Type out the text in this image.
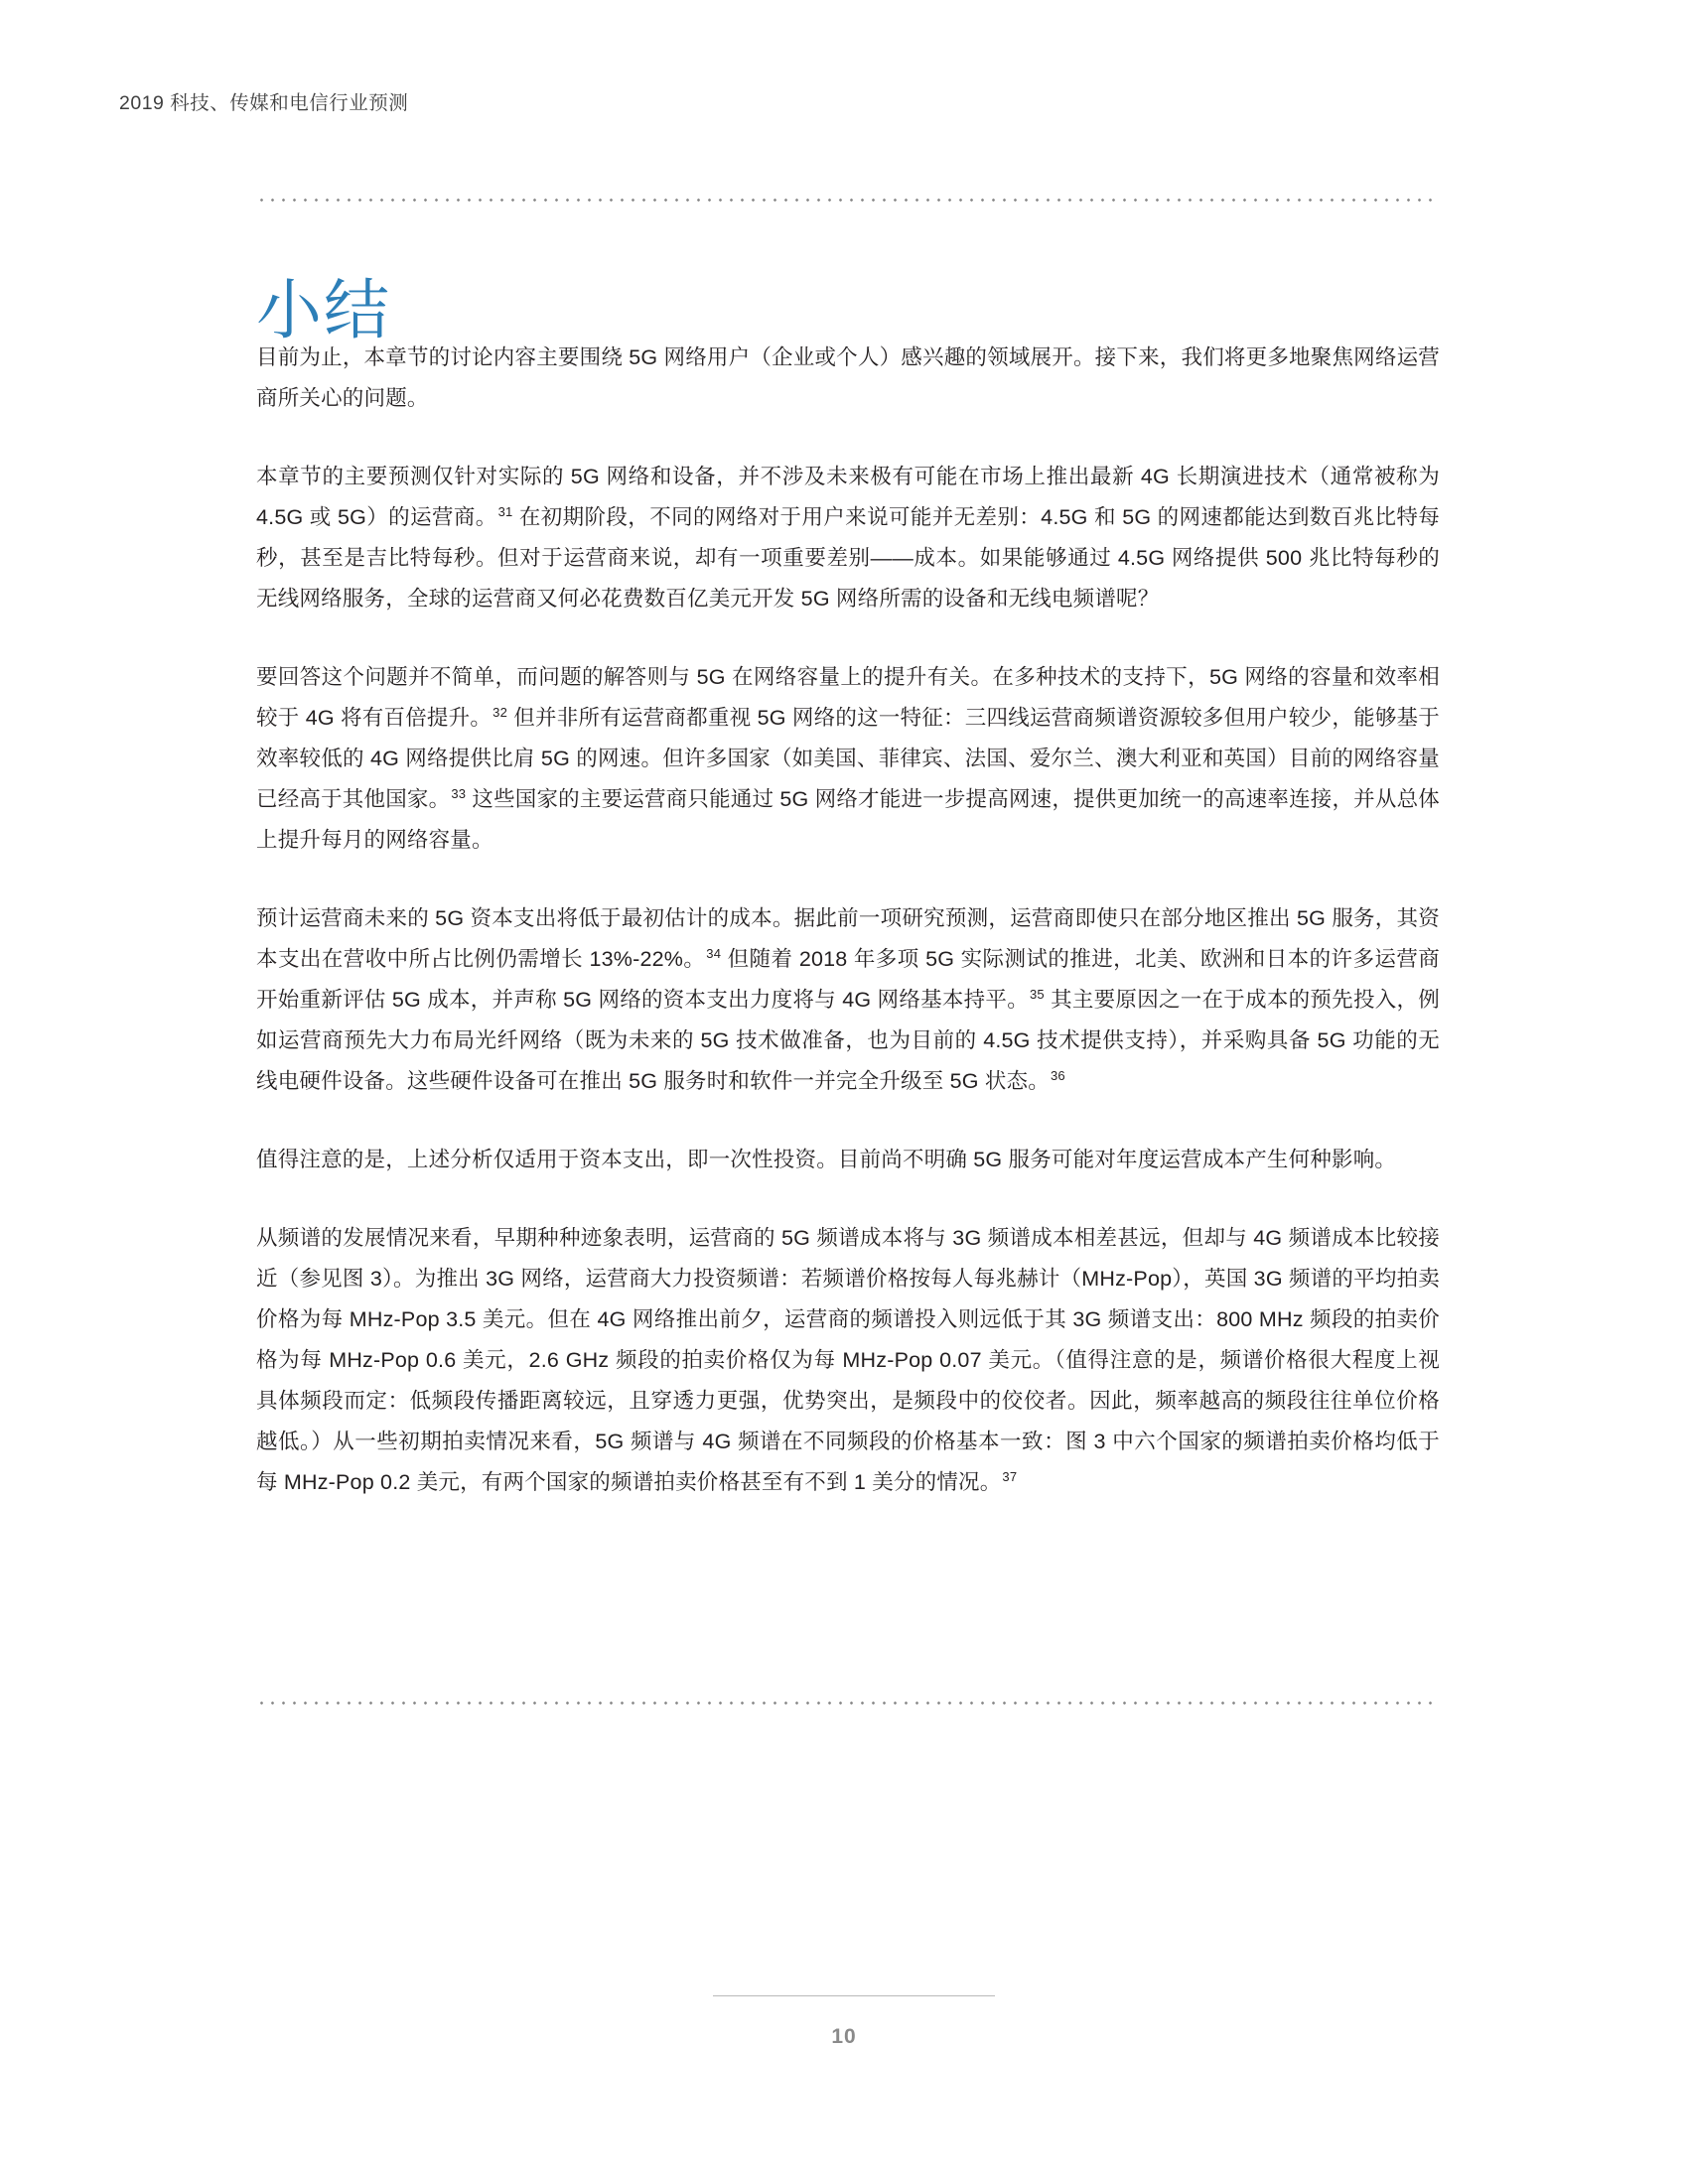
2019 科技、传媒和电信行业预测
小结

目前为止，本章节的讨论内容主要围绕 5G 网络用户（企业或个人）感兴趣的领域展开。接下来，我们将更多地聚焦网络运营商所关心的问题。

本章节的主要预测仅针对实际的 5G 网络和设备，并不涉及未来极有可能在市场上推出最新 4G 长期演进技术（通常被称为 4.5G 或 5G）的运营商。$^{31}$ 在初期阶段，不同的网络对于用户来说可能并无差别：4.5G 和 5G 的网速都能达到数百兆比特每秒，甚至是吉比特每秒。但对于运营商来说，却有一项重要差别——成本。如果能够通过 4.5G 网络提供 500 兆比特每秒的无线网络服务，全球的运营商又何必花费数百亿美元开发 5G 网络所需的设备和无线电频谱呢？

要回答这个问题并不简单，而问题的解答则与 5G 在网络容量上的提升有关。在多种技术的支持下，5G 网络的容量和效率相较于 4G 将有百倍提升。$^{32}$ 但并非所有运营商都重视 5G 网络的这一特征：三四线运营商频谱资源较多但用户较少，能够基于效率较低的 4G 网络提供比肩 5G 的网速。但许多国家（如美国、菲律宾、法国、爱尔兰、澳大利亚和英国）目前的网络容量已经高于其他国家。$^{33}$ 这些国家的主要运营商只能通过 5G 网络才能进一步提高网速，提供更加统一的高速率连接，并从总体上提升每月的网络容量。

预计运营商未来的 5G 资本支出将低于最初估计的成本。据此前一项研究预测，运营商即使只在部分地区推出 5G 服务，其资本支出在营收中所占比例仍需增长 13%-22%。$^{34}$ 但随着 2018 年多项 5G 实际测试的推进，北美、欧洲和日本的许多运营商开始重新评估 5G 成本，并声称 5G 网络的资本支出力度将与 4G 网络基本持平。$^{35}$ 其主要原因之一在于成本的预先投入，例如运营商预先大力布局光纤网络（既为未来的 5G 技术做准备，也为目前的 4.5G 技术提供支持），并采购具备 5G 功能的无线电硬件设备。这些硬件设备可在推出 5G 服务时和软件一并完全升级至 5G 状态。$^{36}$

值得注意的是，上述分析仅适用于资本支出，即一次性投资。目前尚不明确 5G 服务可能对年度运营成本产生何种影响。

从频谱的发展情况来看，早期种种迹象表明，运营商的 5G 频谱成本将与 3G 频谱成本相差甚远，但却与 4G 频谱成本比较接近（参见图 3）。为推出 3G 网络，运营商大力投资频谱：若频谱价格按每人每兆赫计（MHz-Pop），英国 3G 频谱的平均拍卖价格为每 MHz-Pop 3.5 美元。但在 4G 网络推出前夕，运营商的频谱投入则远低于其 3G 频谱支出：800 MHz 频段的拍卖价格为每 MHz-Pop 0.6 美元，2.6 GHz 频段的拍卖价格仅为每 MHz-Pop 0.07 美元。（值得注意的是，频谱价格很大程度上视具体频段而定：低频段传播距离较远，且穿透力更强，优势突出，是频段中的佼佼者。因此，频率越高的频段往往单位价格越低。）从一些初期拍卖情况来看，5G 频谱与 4G 频谱在不同频段的价格基本一致：图 3 中六个国家的频谱拍卖价格均低于每 MHz-Pop 0.2 美元，有两个国家的频谱拍卖价格甚至有不到 1 美分的情况。$^{37}$

10
